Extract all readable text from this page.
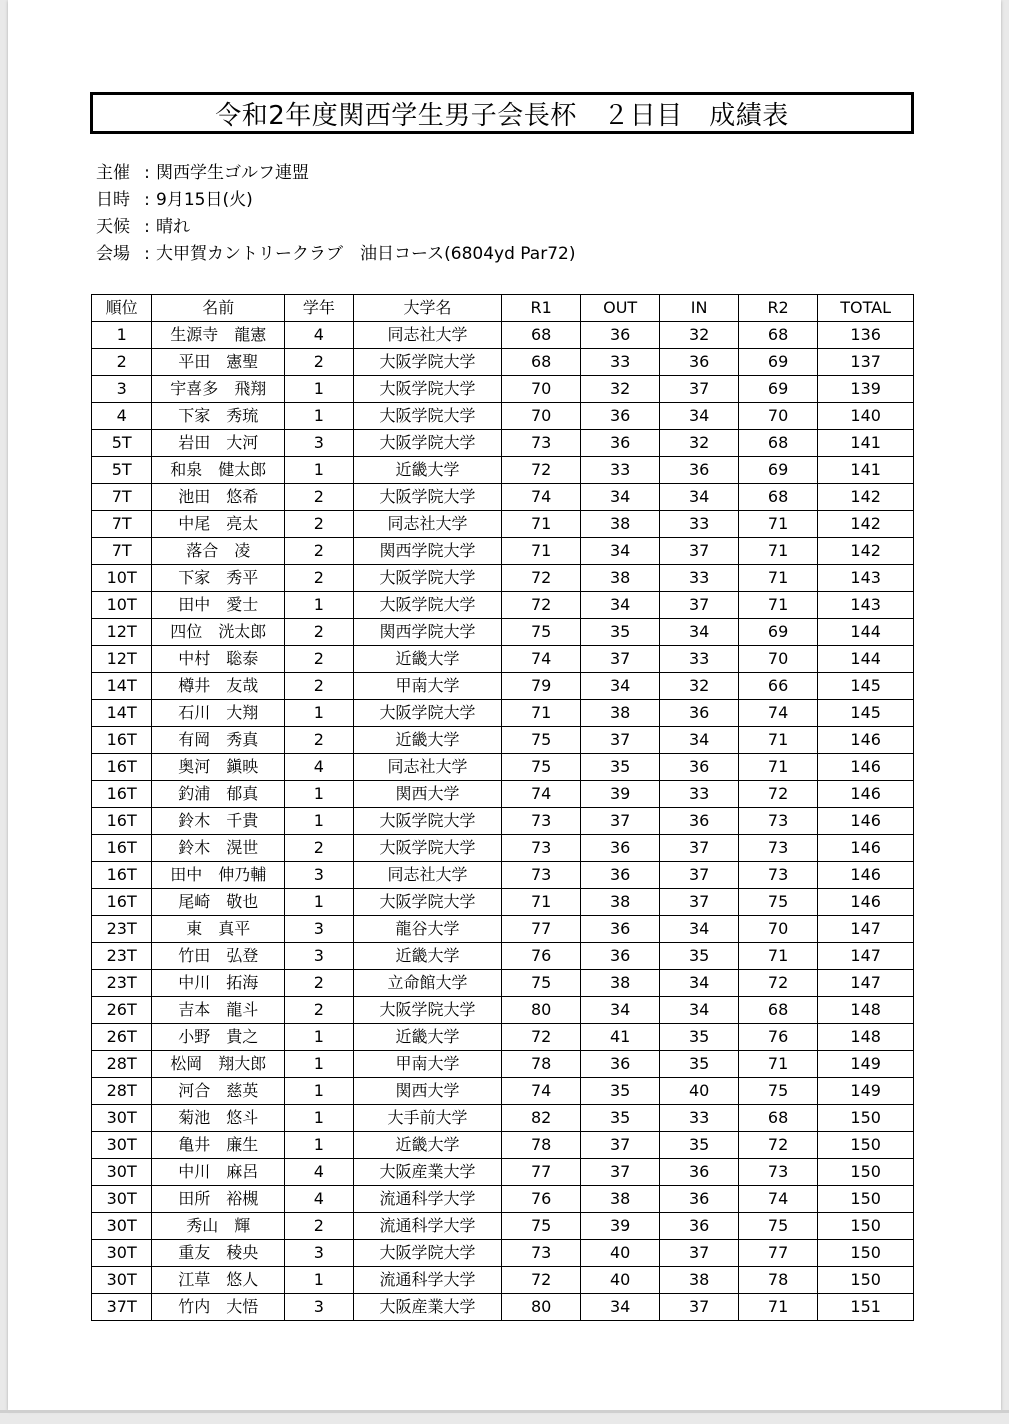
令和2年度関西学生男子会長杯　２日目　成績表
主催 : 関西学生ゴルフ連盟
日時 : 9月15日(火)
天候 : 晴れ
会場 : 大甲賀カントリークラブ　油日コース(6804yd Par72)
順位	名前	学年	大学名	R1	OUT	IN	R2	TOTAL
1	生源寺　龍憲	4	同志社大学	68	36	32	68	136
2	平田　憲聖	2	大阪学院大学	68	33	36	69	137
3	宇喜多　飛翔	1	大阪学院大学	70	32	37	69	139
4	下家　秀琉	1	大阪学院大学	70	36	34	70	140
5T	岩田　大河	3	大阪学院大学	73	36	32	68	141
5T	和泉　健太郎	1	近畿大学	72	33	36	69	141
7T	池田　悠希	2	大阪学院大学	74	34	34	68	142
7T	中尾　亮太	2	同志社大学	71	38	33	71	142
7T	落合　凌	2	関西学院大学	71	34	37	71	142
10T	下家　秀平	2	大阪学院大学	72	38	33	71	143
10T	田中　愛士	1	大阪学院大学	72	34	37	71	143
12T	四位　洸太郎	2	関西学院大学	75	35	34	69	144
12T	中村　聡泰	2	近畿大学	74	37	33	70	144
14T	樽井　友哉	2	甲南大学	79	34	32	66	145
14T	石川　大翔	1	大阪学院大学	71	38	36	74	145
16T	有岡　秀真	2	近畿大学	75	37	34	71	146
16T	奥河　鎭映	4	同志社大学	75	35	36	71	146
16T	釣浦　郁真	1	関西大学	74	39	33	72	146
16T	鈴木　千貴	1	大阪学院大学	73	37	36	73	146
16T	鈴木　滉世	2	大阪学院大学	73	36	37	73	146
16T	田中　伸乃輔	3	同志社大学	73	36	37	73	146
16T	尾崎　敬也	1	大阪学院大学	71	38	37	75	146
23T	東　真平	3	龍谷大学	77	36	34	70	147
23T	竹田　弘登	3	近畿大学	76	36	35	71	147
23T	中川　拓海	2	立命館大学	75	38	34	72	147
26T	吉本　龍斗	2	大阪学院大学	80	34	34	68	148
26T	小野　貴之	1	近畿大学	72	41	35	76	148
28T	松岡　翔大郎	1	甲南大学	78	36	35	71	149
28T	河合　慈英	1	関西大学	74	35	40	75	149
30T	菊池　悠斗	1	大手前大学	82	35	33	68	150
30T	亀井　廉生	1	近畿大学	78	37	35	72	150
30T	中川　麻呂	4	大阪産業大学	77	37	36	73	150
30T	田所　裕槻	4	流通科学大学	76	38	36	74	150
30T	秀山　輝	2	流通科学大学	75	39	36	75	150
30T	重友　稜央	3	大阪学院大学	73	40	37	77	150
30T	江草　悠人	1	流通科学大学	72	40	38	78	150
37T	竹内　大悟	3	大阪産業大学	80	34	37	71	151
